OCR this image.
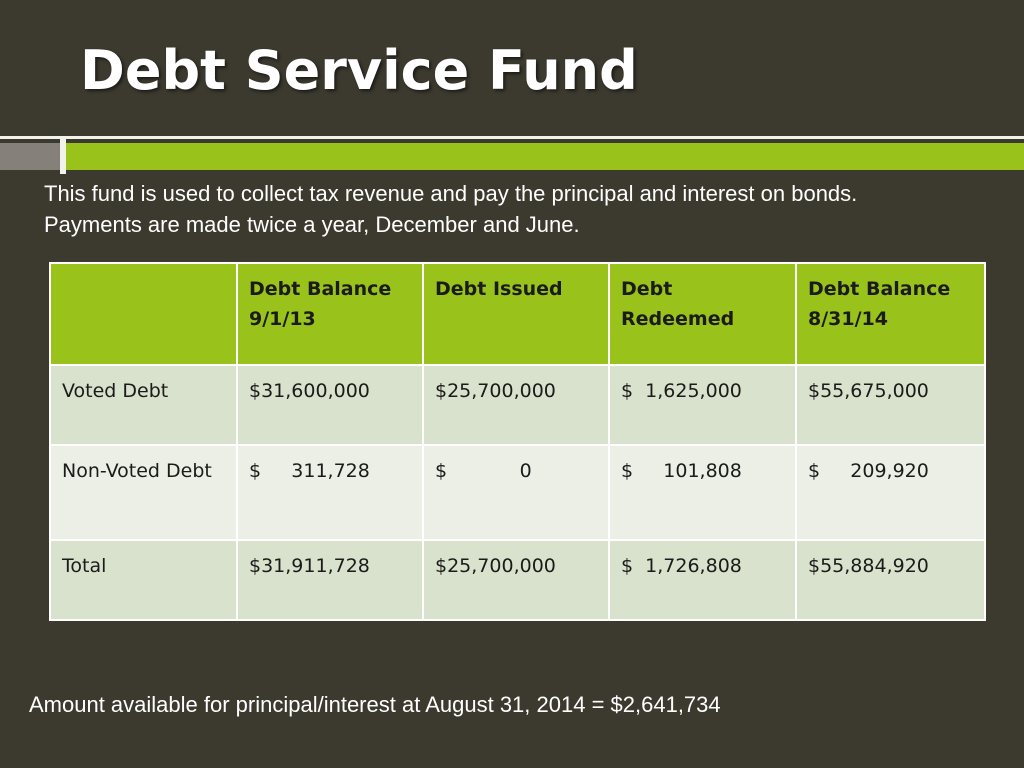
Debt Service Fund

This fund is used to collect tax revenue and pay the principal and interest on bonds. Payments are made twice a year, December and June.

	Debt Balance 9/1/13	Debt Issued	Debt Redeemed	Debt Balance 8/31/14
Voted Debt	$31,600,000	$25,700,000	$  1,625,000	$55,675,000
Non-Voted Debt	$     311,728	$            0	$     101,808	$     209,920
Total	$31,911,728	$25,700,000	$  1,726,808	$55,884,920

Amount available for principal/interest at August 31, 2014 = $2,641,734
